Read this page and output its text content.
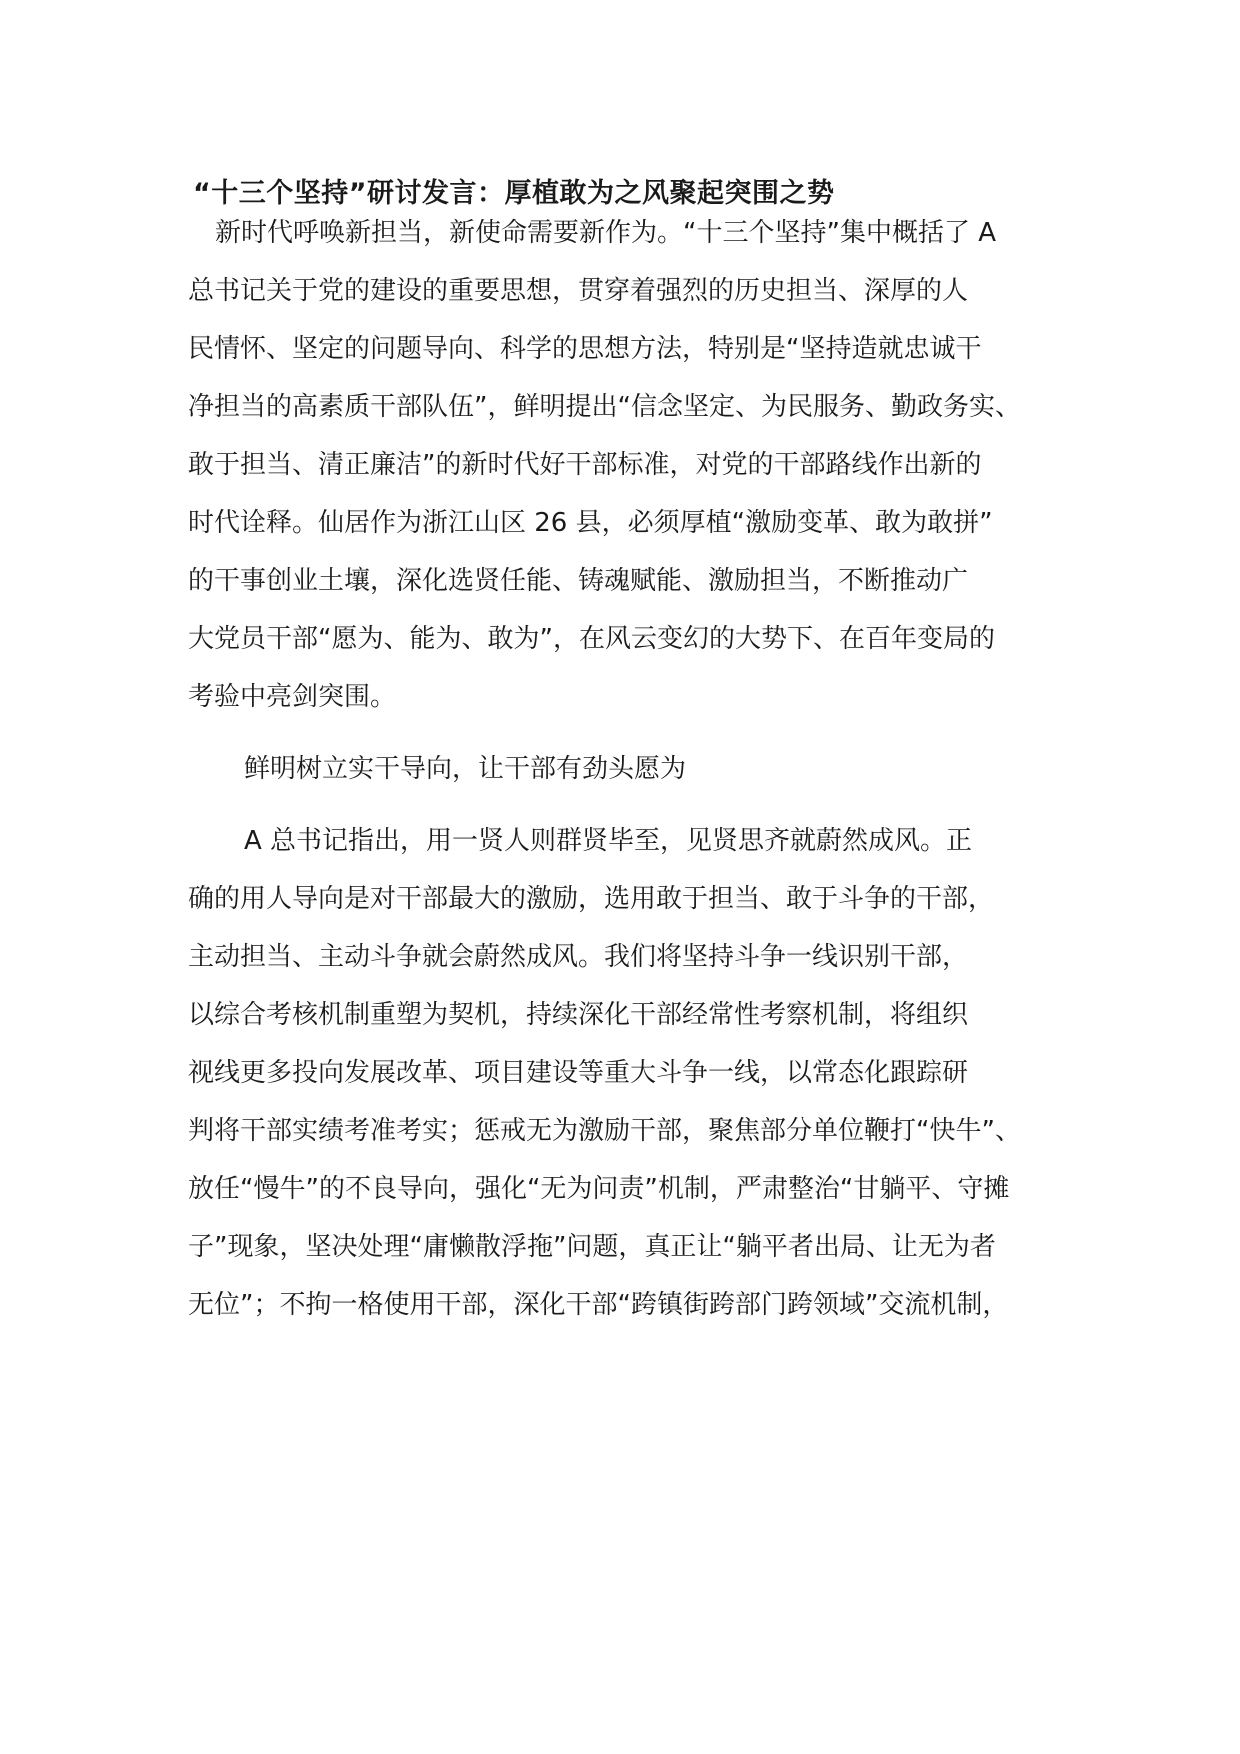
“十三个坚持”研讨发言：厚植敢为之风聚起突围之势

新时代呼唤新担当，新使命需要新作为。“十三个坚持”集中概括了 A

总书记关于党的建设的重要思想，贯穿着强烈的历史担当、深厚的人

民情怀、坚定的问题导向、科学的思想方法，特别是“坚持造就忠诚干

净担当的高素质干部队伍”，鲜明提出“信念坚定、为民服务、勤政务实、

敢于担当、清正廉洁”的新时代好干部标准，对党的干部路线作出新的

时代诠释。仙居作为浙江山区 26 县，必须厚植“激励变革、敢为敢拼”

的干事创业土壤，深化选贤任能、铸魂赋能、激励担当，不断推动广

大党员干部“愿为、能为、敢为”，在风云变幻的大势下、在百年变局的

考验中亮剑突围。

鲜明树立实干导向，让干部有劲头愿为

A 总书记指出，用一贤人则群贤毕至，见贤思齐就蔚然成风。正

确的用人导向是对干部最大的激励，选用敢于担当、敢于斗争的干部，

主动担当、主动斗争就会蔚然成风。我们将坚持斗争一线识别干部，

以综合考核机制重塑为契机，持续深化干部经常性考察机制，将组织

视线更多投向发展改革、项目建设等重大斗争一线，以常态化跟踪研

判将干部实绩考准考实；惩戒无为激励干部，聚焦部分单位鞭打“快牛”、

放任“慢牛”的不良导向，强化“无为问责”机制，严肃整治“甘躺平、守摊

子”现象，坚决处理“庸懒散浮拖”问题，真正让“躺平者出局、让无为者

无位”；不拘一格使用干部，深化干部“跨镇街跨部门跨领域”交流机制，
